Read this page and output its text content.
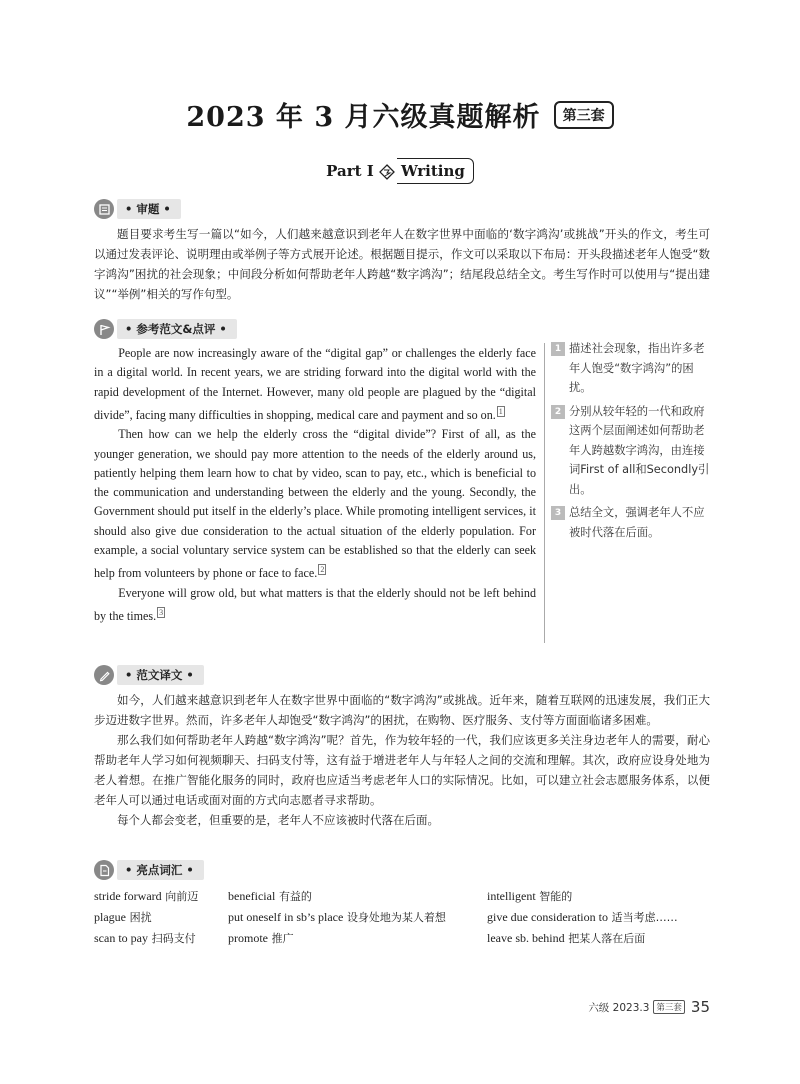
2023 年 3 月六级真题解析 第三套
Part I Writing
• 审题 •

题目要求考生写一篇以“如今，人们越来越意识到老年人在数字世界中面临的‘数字鸿沟’或挑战”开头的作文，考生可以通过发表评论、说明理由或举例子等方式展开论述。根据题目提示，作文可以采取以下布局：开头段描述老年人饱受“数字鸿沟”困扰的社会现象；中间段分析如何帮助老年人跨越“数字鸿沟”；结尾段总结全文。考生写作时可以使用与“提出建议”“举例”相关的写作句型。

• 参考范文&点评 •

People are now increasingly aware of the “digital gap” or challenges the elderly face in a digital world. In recent years, we are striding forward into the digital world with the rapid development of the Internet. However, many old people are plagued by the “digital divide”, facing many difficulties in shopping, medical care and payment and so on. $^1$

Then how can we help the elderly cross the “digital divide”? First of all, as the younger generation, we should pay more attention to the needs of the elderly around us, patiently helping them learn how to chat by video, scan to pay, etc., which is beneficial to the communication and understanding between the elderly and the young. Secondly, the Government should put itself in the elderly’s place. While promoting intelligent services, it should also give due consideration to the actual situation of the elderly population. For example, a social voluntary service system can be established so that the elderly can seek help from volunteers by phone or face to face. $^2$

Everyone will grow old, but what matters is that the elderly should not be left behind by the times. $^3$

1 描述社会现象，指出许多老年人饱受“数字鸿沟”的困扰。
2 分别从较年轻的一代和政府这两个层面阐述如何帮助老年人跨越数字鸿沟，由连接词First of all和Secondly引出。
3 总结全文，强调老年人不应被时代落在后面。
• 范文译文 •

如今，人们越来越意识到老年人在数字世界中面临的“数字鸿沟”或挑战。近年来，随着互联网的迅速发展，我们正大步迈进数字世界。然而，许多老年人却饱受“数字鸿沟”的困扰，在购物、医疗服务、支付等方面面临诸多困难。

那么我们如何帮助老年人跨越“数字鸿沟”呢？首先，作为较年轻的一代，我们应该更多关注身边老年人的需要，耐心帮助老年人学习如何视频聊天、扫码支付等，这有益于增进老年人与年轻人之间的交流和理解。其次，政府应设身处地为老人着想。在推广智能化服务的同时，政府也应适当考虑老年人口的实际情况。比如，可以建立社会志愿服务体系，以便老年人可以通过电话或面对面的方式向志愿者寻求帮助。

每个人都会变老，但重要的是，老年人不应该被时代落在后面。

• 亮点词汇 •
stride forward 向前迈	beneficial 有益的	intelligent 智能的
plague 困扰	put oneself in sb’s place 设身处地为某人着想	give due consideration to 适当考虑……
scan to pay 扫码支付	promote 推广	leave sb. behind 把某人落在后面
六级 2023.3 第三套 35
